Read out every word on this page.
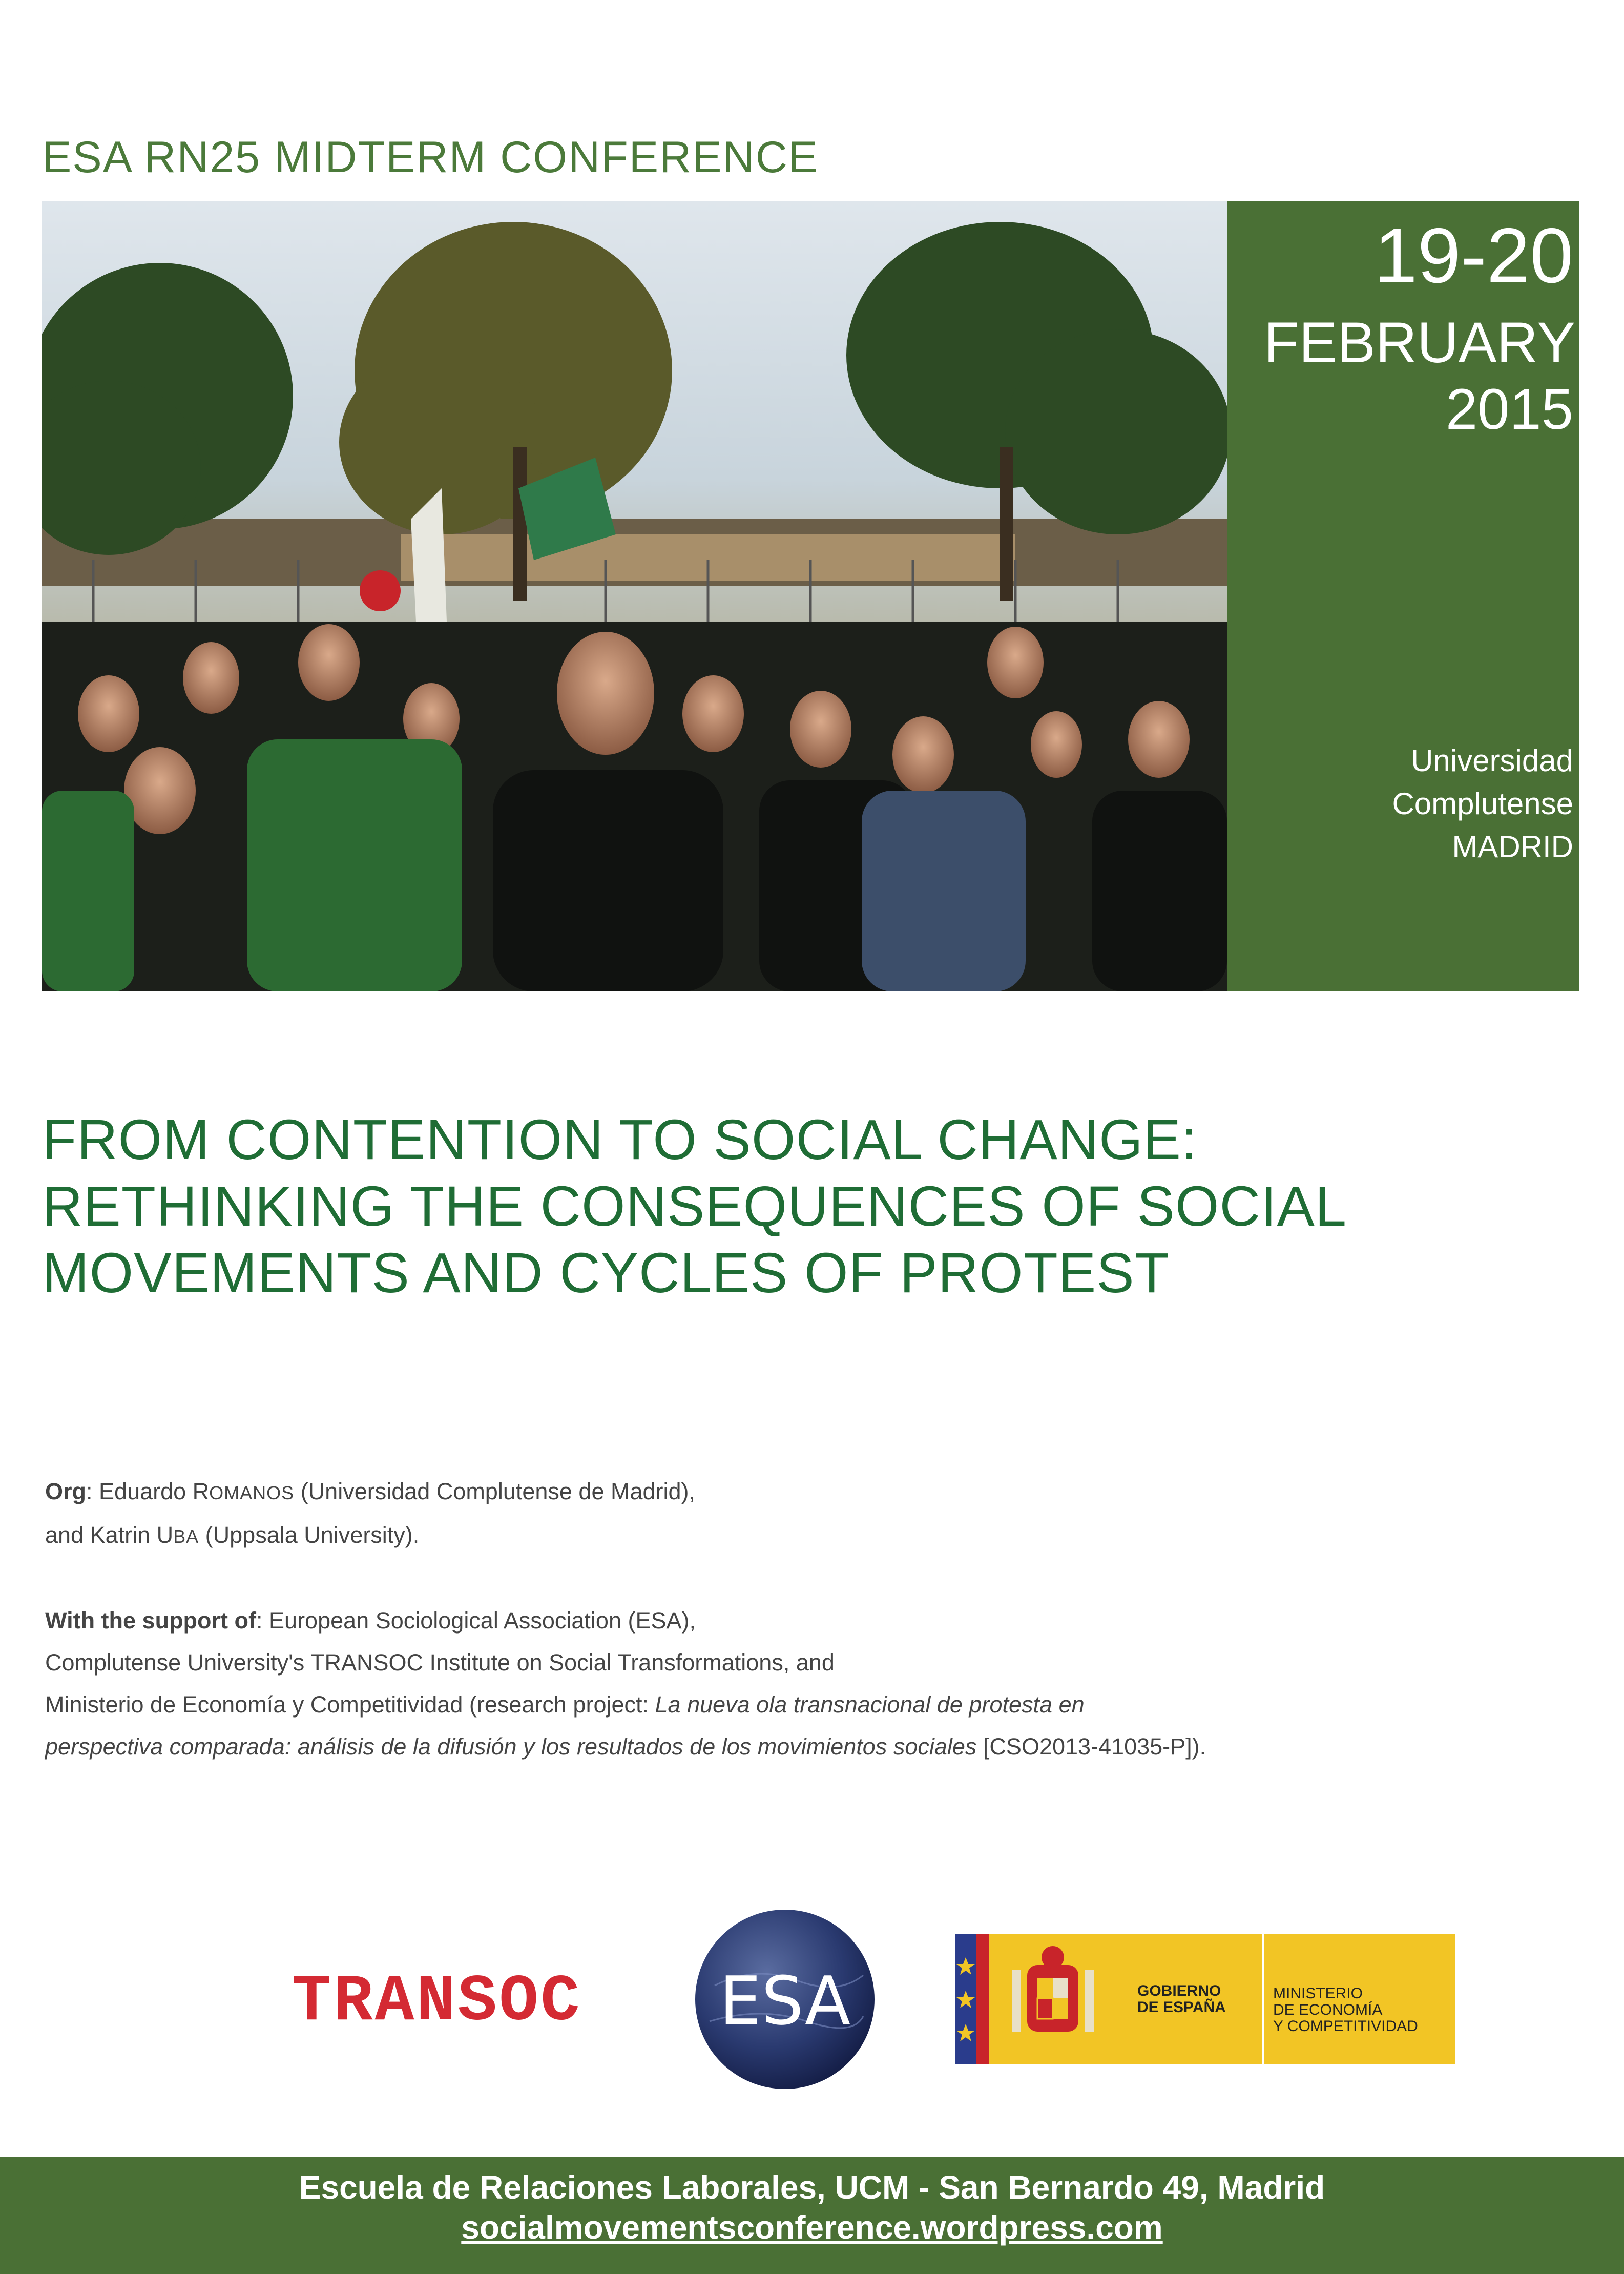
ESA RN25 MIDTERM CONFERENCE
19-20
FEBRUARY
2015
Universidad
Complutense
MADRID
FROM CONTENTION TO SOCIAL CHANGE:
RETHINKING THE CONSEQUENCES OF SOCIAL
MOVEMENTS AND CYCLES OF PROTEST
Org: Eduardo ROMANOS (Universidad Complutense de Madrid),
and Katrin UBA (Uppsala University).
With the support of: European Sociological Association (ESA),
Complutense University's TRANSOC Institute on Social Transformations, and
Ministerio de Economía y Competitividad (research project: La nueva ola transnacional de protesta en
perspectiva comparada: análisis de la difusión y los resultados de los movimientos sociales [CSO2013-41035-P]).
TRANSOC ESA	GOBIERNO
DE ESPAÑA
MINISTERIO
DE ECONOMÍA
Y COMPETITIVIDAD
Escuela de Relaciones Laborales, UCM - San Bernardo 49, Madrid
socialmovementsconference.wordpress.com
